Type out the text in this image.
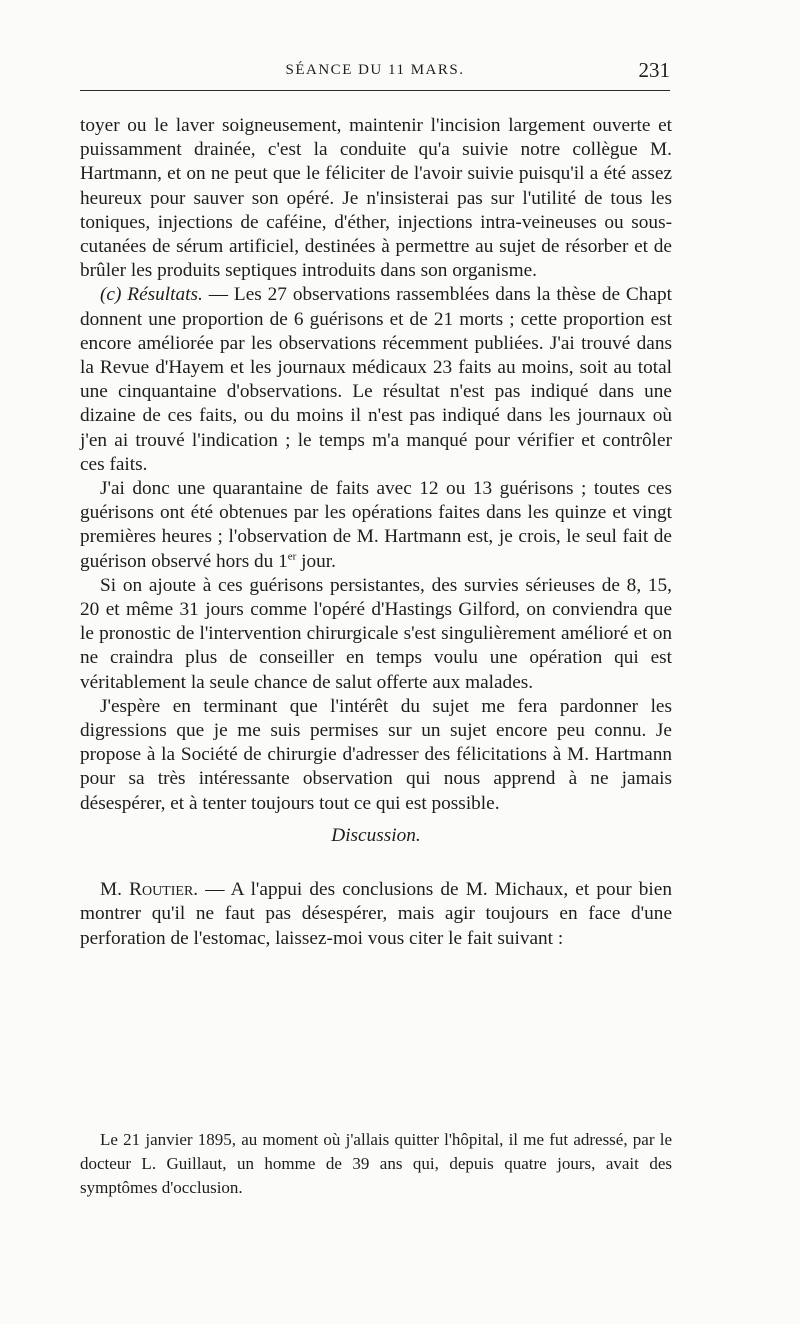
SÉANCE DU 11 MARS.	231

toyer ou le laver soigneusement, maintenir l'incision largement ouverte et puissamment drainée, c'est la conduite qu'a suivie notre collègue M. Hartmann, et on ne peut que le féliciter de l'avoir suivie puisqu'il a été assez heureux pour sauver son opéré. Je n'insisterai pas sur l'utilité de tous les toniques, injections de caféine, d'éther, injections intra-veineuses ou sous-cutanées de sérum artificiel, destinées à permettre au sujet de résorber et de brûler les produits septiques introduits dans son organisme.

(c) Résultats. — Les 27 observations rassemblées dans la thèse de Chapt donnent une proportion de 6 guérisons et de 21 morts ; cette proportion est encore améliorée par les observations récemment publiées. J'ai trouvé dans la Revue d'Hayem et les journaux médicaux 23 faits au moins, soit au total une cinquantaine d'observations. Le résultat n'est pas indiqué dans une dizaine de ces faits, ou du moins il n'est pas indiqué dans les journaux où j'en ai trouvé l'indication ; le temps m'a manqué pour vérifier et contrôler ces faits.

J'ai donc une quarantaine de faits avec 12 ou 13 guérisons ; toutes ces guérisons ont été obtenues par les opérations faites dans les quinze et vingt premières heures ; l'observation de M. Hartmann est, je crois, le seul fait de guérison observé hors du 1er jour.

Si on ajoute à ces guérisons persistantes, des survies sérieuses de 8, 15, 20 et même 31 jours comme l'opéré d'Hastings Gilford, on conviendra que le pronostic de l'intervention chirurgicale s'est singulièrement amélioré et on ne craindra plus de conseiller en temps voulu une opération qui est véritablement la seule chance de salut offerte aux malades.

J'espère en terminant que l'intérêt du sujet me fera pardonner les digressions que je me suis permises sur un sujet encore peu connu. Je propose à la Société de chirurgie d'adresser des félicitations à M. Hartmann pour sa très intéressante observation qui nous apprend à ne jamais désespérer, et à tenter toujours tout ce qui est possible.

Discussion.

M. Routier. — A l'appui des conclusions de M. Michaux, et pour bien montrer qu'il ne faut pas désespérer, mais agir toujours en face d'une perforation de l'estomac, laissez-moi vous citer le fait suivant :

Le 21 janvier 1895, au moment où j'allais quitter l'hôpital, il me fut adressé, par le docteur L. Guillaut, un homme de 39 ans qui, depuis quatre jours, avait des symptômes d'occlusion.
